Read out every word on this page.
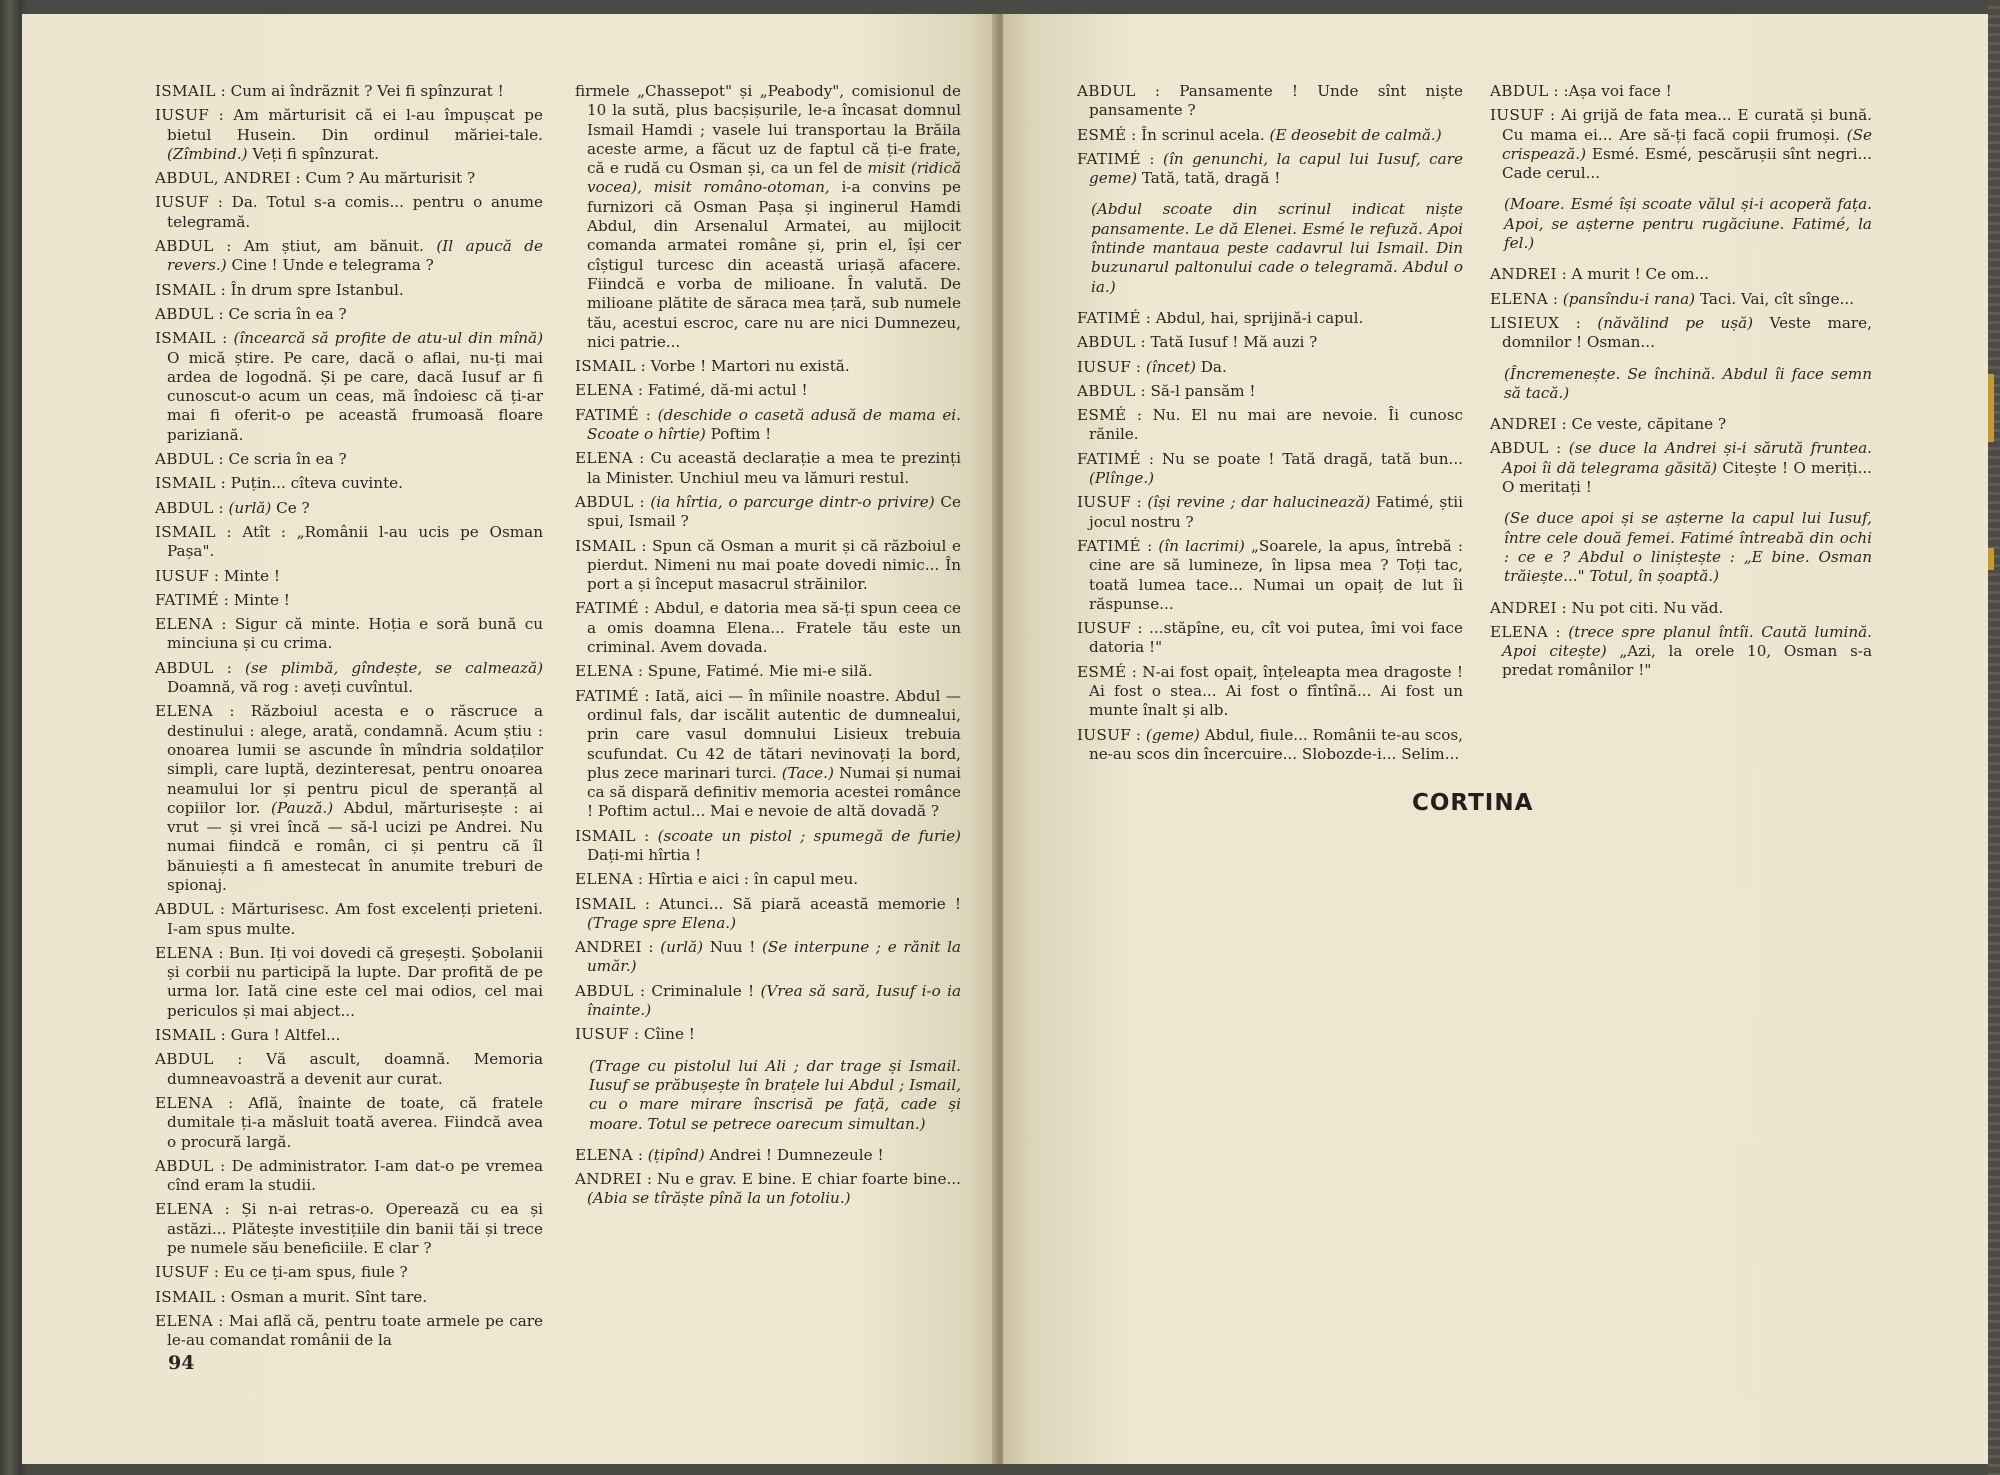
ISMAIL : Cum ai îndrăznit ? Vei fi spînzurat !

IUSUF : Am mărturisit că ei l-au împușcat pe bietul Husein. Din ordinul măriei-tale. (Zîmbind.) Veți fi spînzurat.

ABDUL, ANDREI : Cum ? Au mărturisit ?

IUSUF : Da. Totul s-a comis... pentru o anume telegramă.

ABDUL : Am știut, am bănuit. (Il apucă de revers.) Cine ! Unde e telegrama ?

ISMAIL : În drum spre Istanbul.

ABDUL : Ce scria în ea ?

ISMAIL : (încearcă să profite de atu-ul din mînă) O mică știre. Pe care, dacă o aflai, nu-ți mai ardea de logodnă. Și pe care, dacă Iusuf ar fi cunoscut-o acum un ceas, mă îndoiesc că ți-ar mai fi oferit-o pe această frumoasă floare pariziană.

ABDUL : Ce scria în ea ?

ISMAIL : Puțin... cîteva cuvinte.

ABDUL : (urlă) Ce ?

ISMAIL : Atît : „Românii l-au ucis pe Osman Pașa".

IUSUF : Minte !

FATIMÉ : Minte !

ELENA : Sigur că minte. Hoția e soră bună cu minciuna și cu crima.

ABDUL : (se plimbă, gîndește, se calmează) Doamnă, vă rog : aveți cuvîntul.

ELENA : Războiul acesta e o răscruce a destinului : alege, arată, condamnă. Acum știu : onoarea lumii se ascunde în mîndria soldaților simpli, care luptă, dezinteresat, pentru onoarea neamului lor și pentru picul de speranță al copiilor lor. (Pauză.) Abdul, mărturisește : ai vrut — și vrei încă — să-l ucizi pe Andrei. Nu numai fiindcă e român, ci și pentru că îl bănuiești a fi amestecat în anumite treburi de spionaj.

ABDUL : Mărturisesc. Am fost excelenți prieteni. I-am spus multe.

ELENA : Bun. Iți voi dovedi că greșești. Șobolanii și corbii nu participă la lupte. Dar profită de pe urma lor. Iată cine este cel mai odios, cel mai periculos și mai abject...

ISMAIL : Gura ! Altfel...

ABDUL : Vă ascult, doamnă. Memoria dumneavoastră a devenit aur curat.

ELENA : Află, înainte de toate, că fratele dumitale ți-a măsluit toată averea. Fiindcă avea o procură largă.

ABDUL : De administrator. I-am dat-o pe vremea cînd eram la studii.

ELENA : Și n-ai retras-o. Operează cu ea și astăzi... Plătește investițiile din banii tăi și trece pe numele său beneficiile. E clar ?

IUSUF : Eu ce ți-am spus, fiule ?

ISMAIL : Osman a murit. Sînt tare.

ELENA : Mai află că, pentru toate armele pe care le-au comandat românii de la

firmele „Chassepot" și „Peabody", comisionul de 10 la sută, plus bacșișurile, le-a încasat domnul Ismail Hamdi ; vasele lui transportau la Brăila aceste arme, a făcut uz de faptul că ți-e frate, că e rudă cu Osman și, ca un fel de misit (ridică vocea), misit româno-otoman, i-a convins pe furnizori că Osman Pașa și inginerul Hamdi Abdul, din Arsenalul Armatei, au mijlocit comanda armatei române și, prin el, își cer cîștigul turcesc din această uriașă afacere. Fiindcă e vorba de milioane. În valută. De milioane plătite de săraca mea țară, sub numele tău, acestui escroc, care nu are nici Dumnezeu, nici patrie...

ISMAIL : Vorbe ! Martori nu există.

ELENA : Fatimé, dă-mi actul !

FATIMÉ : (deschide o casetă adusă de mama ei. Scoate o hîrtie) Poftim !

ELENA : Cu această declarație a mea te prezinți la Minister. Unchiul meu va lămuri restul.

ABDUL : (ia hîrtia, o parcurge dintr-o privire) Ce spui, Ismail ?

ISMAIL : Spun că Osman a murit și că războiul e pierdut. Nimeni nu mai poate dovedi nimic... În port a și început masacrul străinilor.

FATIMÉ : Abdul, e datoria mea să-ți spun ceea ce a omis doamna Elena... Fratele tău este un criminal. Avem dovada.

ELENA : Spune, Fatimé. Mie mi-e silă.

FATIMÉ : Iată, aici — în mîinile noastre. Abdul — ordinul fals, dar iscălit autentic de dumnealui, prin care vasul domnului Lisieux trebuia scufundat. Cu 42 de tătari nevinovați la bord, plus zece marinari turci. (Tace.) Numai și numai ca să dispară definitiv memoria acestei românce ! Poftim actul... Mai e nevoie de altă dovadă ?

ISMAIL : (scoate un pistol ; spumegă de furie) Dați-mi hîrtia !

ELENA : Hîrtia e aici : în capul meu.

ISMAIL : Atunci... Să piară această memorie ! (Trage spre Elena.)

ANDREI : (urlă) Nuu ! (Se interpune ; e rănit la umăr.)

ABDUL : Criminalule ! (Vrea să sară, Iusuf i-o ia înainte.)

IUSUF : Cîine !

(Trage cu pistolul lui Ali ; dar trage și Ismail. Iusuf se prăbușește în brațele lui Abdul ; Ismail, cu o mare mirare înscrisă pe față, cade și moare. Totul se petrece oarecum simultan.)

ELENA : (țipînd) Andrei ! Dumnezeule !

ANDREI : Nu e grav. E bine. E chiar foarte bine... (Abia se tîrăște pînă la un fotoliu.)

ABDUL : Pansamente ! Unde sînt niște pansamente ?

ESMÉ : În scrinul acela. (E deosebit de calmă.)

FATIMÉ : (în genunchi, la capul lui Iusuf, care geme) Tată, tată, dragă !

(Abdul scoate din scrinul indicat niște pansamente. Le dă Elenei. Esmé le refuză. Apoi întinde mantaua peste cadavrul lui Ismail. Din buzunarul paltonului cade o telegramă. Abdul o ia.)

FATIMÉ : Abdul, hai, sprijină-i capul.

ABDUL : Tată Iusuf ! Mă auzi ?

IUSUF : (încet) Da.

ABDUL : Să-l pansăm !

ESMÉ : Nu. El nu mai are nevoie. Îi cunosc rănile.

FATIMÉ : Nu se poate ! Tată dragă, tată bun... (Plînge.)

IUSUF : (își revine ; dar halucinează) Fatimé, știi jocul nostru ?

FATIMÉ : (în lacrimi) „Soarele, la apus, întrebă : cine are să lumineze, în lipsa mea ? Toți tac, toată lumea tace... Numai un opaiț de lut îi răspunse...

IUSUF : ...stăpîne, eu, cît voi putea, îmi voi face datoria !"

ESMÉ : N-ai fost opaiț, înțeleapta mea dragoste ! Ai fost o stea... Ai fost o fîntînă... Ai fost un munte înalt și alb.

IUSUF : (geme) Abdul, fiule... Românii te-au scos, ne-au scos din încercuire... Slobozde-i... Selim...

ABDUL : :Așa voi face !

IUSUF : Ai grijă de fata mea... E curată și bună. Cu mama ei... Are să-ți facă copii frumoși. (Se crispează.) Esmé. Esmé, pescărușii sînt negri... Cade cerul...

(Moare. Esmé își scoate vălul și-i acoperă fața. Apoi, se așterne pentru rugăciune. Fatimé, la fel.)

ANDREI : A murit ! Ce om...

ELENA : (pansîndu-i rana) Taci. Vai, cît sînge...

LISIEUX : (năvălind pe ușă) Veste mare, domnilor ! Osman...

(Încremenește. Se închină. Abdul îi face semn să tacă.)

ANDREI : Ce veste, căpitane ?

ABDUL : (se duce la Andrei și-i sărută fruntea. Apoi îi dă telegrama găsită) Citește ! O meriți... O meritați !

(Se duce apoi și se așterne la capul lui Iusuf, între cele două femei. Fatimé întreabă din ochi : ce e ? Abdul o liniștește : „E bine. Osman trăiește..." Totul, în șoaptă.)

ANDREI : Nu pot citi. Nu văd.

ELENA : (trece spre planul întîi. Caută lumină. Apoi citește) „Azi, la orele 10, Osman s-a predat românilor !"

94
CORTINA
